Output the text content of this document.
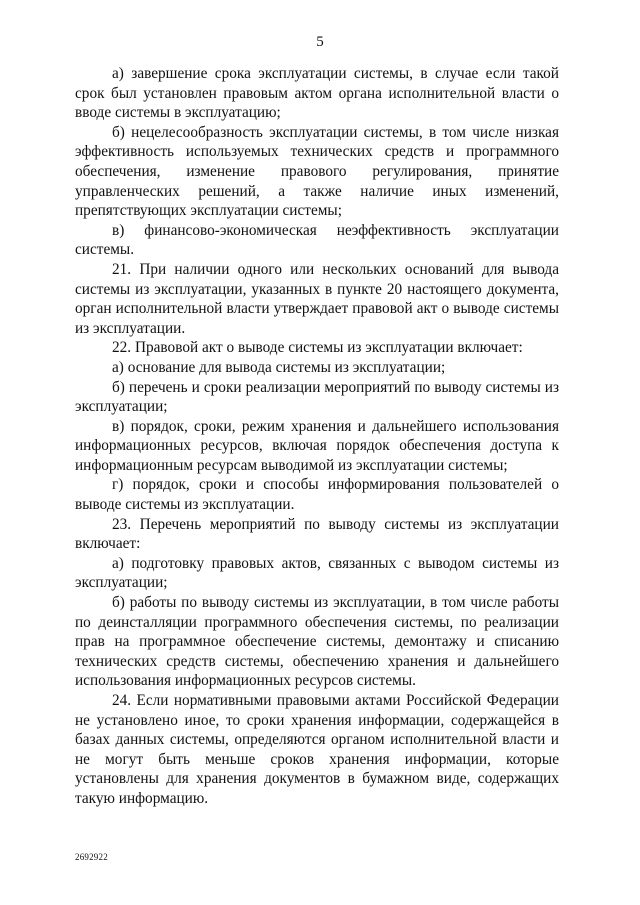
5

а) завершение срока эксплуатации системы, в случае если такой срок был установлен правовым актом органа исполнительной власти о вводе системы в эксплуатацию;

б) нецелесообразность эксплуатации системы, в том числе низкая эффективность используемых технических средств и программного обеспечения, изменение правового регулирования, принятие управленческих решений, а также наличие иных изменений, препятствующих эксплуатации системы;

в) финансово-экономическая неэффективность эксплуатации системы.

21. При наличии одного или нескольких оснований для вывода системы из эксплуатации, указанных в пункте 20 настоящего документа, орган исполнительной власти утверждает правовой акт о выводе системы из эксплуатации.

22. Правовой акт о выводе системы из эксплуатации включает:

а) основание для вывода системы из эксплуатации;

б) перечень и сроки реализации мероприятий по выводу системы из эксплуатации;

в) порядок, сроки, режим хранения и дальнейшего использования информационных ресурсов, включая порядок обеспечения доступа к информационным ресурсам выводимой из эксплуатации системы;

г) порядок, сроки и способы информирования пользователей о выводе системы из эксплуатации.

23. Перечень мероприятий по выводу системы из эксплуатации включает:

а) подготовку правовых актов, связанных с выводом системы из эксплуатации;

б) работы по выводу системы из эксплуатации, в том числе работы по деинсталляции программного обеспечения системы, по реализации прав на программное обеспечение системы, демонтажу и списанию технических средств системы, обеспечению хранения и дальнейшего использования информационных ресурсов системы.

24. Если нормативными правовыми актами Российской Федерации не установлено иное, то сроки хранения информации, содержащейся в базах данных системы, определяются органом исполнительной власти и не могут быть меньше сроков хранения информации, которые установлены для хранения документов в бумажном виде, содержащих такую информацию.

2692922
